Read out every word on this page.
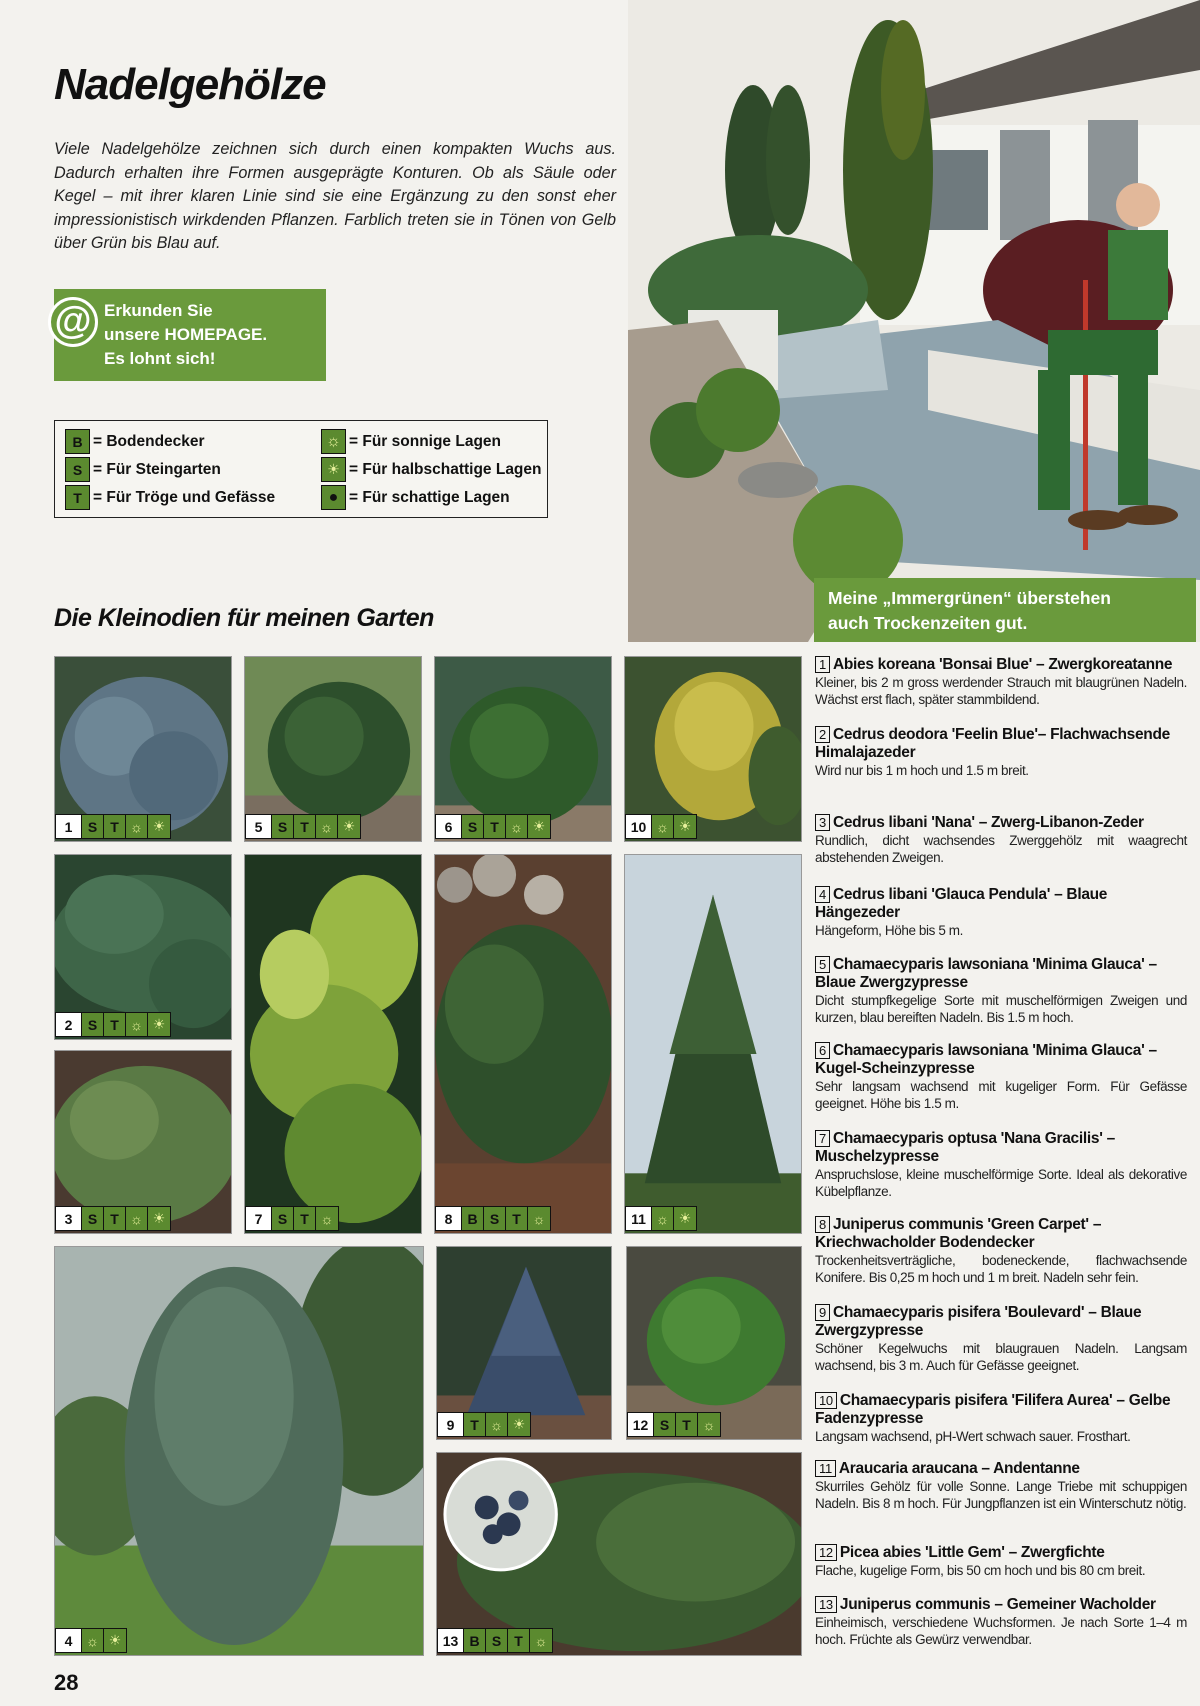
Nadelgehölze

Viele Nadelgehölze zeichnen sich durch einen kompakten Wuchs aus. Dadurch erhalten ihre Formen ausgeprägte Konturen. Ob als Säule oder Kegel – mit ihrer klaren Linie sind sie eine Ergänzung zu den sonst eher impressionistisch wirkdenden Pflanzen. Farblich treten sie in Tönen von Gelb über Grün bis Blau auf.

@ Erkunden Sie
unsere HOMEPAGE.
Es lohnt sich!
B = Bodendecker
S = Für Steingarten
T = Für Tröge und Gefässe
☼ = Für sonnige Lagen
☀ = Für halbschattige Lagen
● = Für schattige Lagen
Meine „Immergrünen“ überstehen
auch Trockenzeiten gut.
Die Kleinodien für meinen Garten
1	S T ☼ ☀	5	S T ☼ ☀	6	S T ☼ ☀	10 ☼ ☀
2	S T ☼ ☀
7	S T ☼	8	B S T ☼	11 ☼ ☀
3	S T ☼ ☀
4 ☼ ☀
9	T ☼ ☀	12 S T ☼
13 B S T ☼
1 Abies koreana 'Bonsai Blue' – Zwergkoreatanne
Kleiner, bis 2 m gross werdender Strauch mit blaugrünen Nadeln. Wächst erst flach, später stammbildend.
2 Cedrus deodora 'Feelin Blue'– Flachwachsende Himalajazeder
Wird nur bis 1 m hoch und 1.5 m breit.
3 Cedrus libani 'Nana' – Zwerg-Libanon-Zeder
Rundlich, dicht wachsendes Zwerggehölz mit waagrecht abstehenden Zweigen.
4 Cedrus libani 'Glauca Pendula' – Blaue Hängezeder
Hängeform, Höhe bis 5 m.
5 Chamaecyparis lawsoniana 'Minima Glauca' – Blaue Zwergzypresse
Dicht stumpfkegelige Sorte mit muschelförmigen Zweigen und kurzen, blau bereiften Nadeln. Bis 1.5 m hoch.
6 Chamaecyparis lawsoniana 'Minima Glauca' – Kugel-Scheinzypresse
Sehr langsam wachsend mit kugeliger Form. Für Gefässe geeignet. Höhe bis 1.5 m.
7 Chamaecyparis optusa 'Nana Gracilis' – Muschelzypresse
Anspruchslose, kleine muschelförmige Sorte. Ideal als dekorative Kübelpflanze.
8 Juniperus communis 'Green Carpet' – Kriechwacholder Bodendecker
Trockenheitsverträgliche, bodeneckende, flachwachsende Konifere. Bis 0,25 m hoch und 1 m breit. Nadeln sehr fein.
9 Chamaecyparis pisifera 'Boulevard' – Blaue Zwergzypresse
Schöner Kegelwuchs mit blaugrauen Nadeln. Langsam wachsend, bis 3 m. Auch für Gefässe geeignet.
10 Chamaecyparis pisifera 'Filifera Aurea' – Gelbe Fadenzypresse
Langsam wachsend, pH-Wert schwach sauer. Frosthart.
11 Araucaria araucana – Andentanne
Skurriles Gehölz für volle Sonne. Lange Triebe mit schuppigen Nadeln. Bis 8 m hoch. Für Jungpflanzen ist ein Winterschutz nötig.
12 Picea abies 'Little Gem' – Zwergfichte
Flache, kugelige Form, bis 50 cm hoch und bis 80 cm breit.
13 Juniperus communis – Gemeiner Wacholder
Einheimisch, verschiedene Wuchsformen. Je nach Sorte 1–4 m hoch. Früchte als Gewürz verwendbar.
28
